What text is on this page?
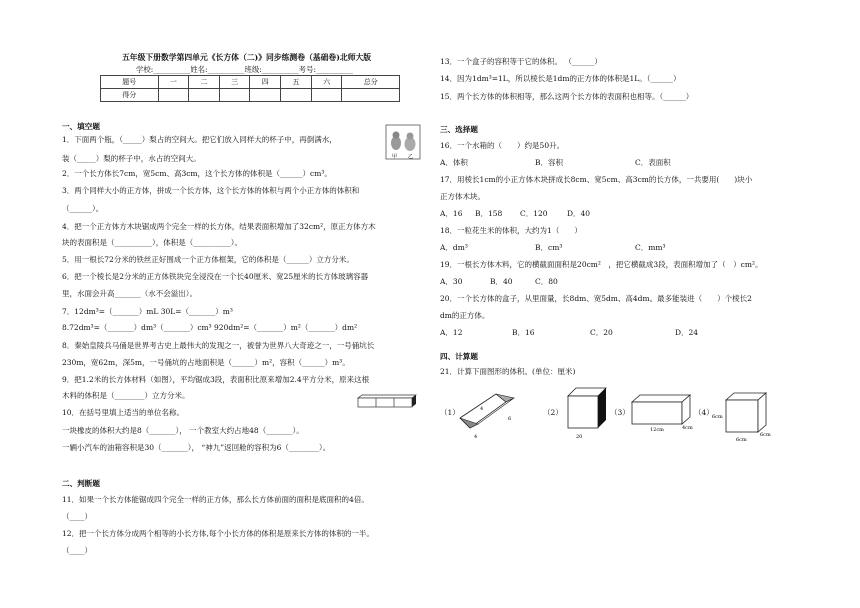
五年级下册数学第四单元《长方体（二)》同步练测卷（基础卷)北师大版
学校:__________姓名:__________班级:__________考号:__________
题号	一	二	三	四	五	六	总分
得分							
一、填空题
1．下面两个瓶，（_____）梨占的空间大。把它们放入同样大的杯子中，再倒满水，
装（_____）梨的杯子中，水占的空间大。	甲 乙
2．一个长方体长7cm，宽5cm、高3cm，这个长方体的体积是（______）cm³。
3．两个同样大小的正方体，拼成一个长方体，这个长方体的体积与两个小正方体的体积和
（______）。
4．把一个正方体方木块锯成两个完全一样的长方体，结果表面积增加了32cm²，原正方体方木
块的表面积是（__________），体积是（__________）。
5．用一根长72分米的铁丝正好围成一个正方体框架，它的体积是（______）立方分米。
6．把一个棱长是2分米的正方体铁块完全浸没在一个长40厘米、宽25厘米的长方体玻璃容器
里，水面会升高_______（水不会溢出）。
7．12dm³=（_______）mL 30L=（_______）m³
8.72dm³=（_______）dm³（_______）cm³ 920dm²=（_______）m²（_______）dm²
8．秦始皇陵兵马俑是世界考古史上最伟大的发现之一，被誉为世界八大奇迹之一，一号俑坑长
230m，宽62m，深5m，一号俑坑的占地面积是（______）m²，容积（______）m³。
9．把1.2米的长方体材料（如图），平均锯成3段，表面积比原来增加2.4平方分米，原来这根
木料的体积是（________）立方分米。
10．在括号里填上适当的单位名称。
一块橡皮的体积大约是8（_______）， 一个教室大约占地48（_______）。
一辆小汽车的油箱容积是30（_______）， “神九”返回舱的容积为6（________）。
二、判断题
11．如果一个长方体能锯成四个完全一样的正方体，那么长方体前面的面积是底面积的4倍。
（____）
12．把一个长方体分成两个相等的小长方体,每个小长方体的体积是原来长方体的体积的一半。
（____）
13．一个盒子的容积等于它的体积。 （______）
14．因为1dm³=1L，所以棱长是1dm的正方体的体积是1L。（______）
15．两个长方体的体积相等，那么这两个长方体的表面积也相等。（______）
三、选择题
16．一个水箱的（　　）约是50升。
A．体积	B．容积	C．表面积
17．用棱长1cm的小正方体木块拼成长8cm、宽5cm、高3cm的长方体，一共要用(　　)块小
正方体木块。
A．16 B．158 C．120	D．40
18．一粒花生米的体积，大约为1（　　）
A．dm³	B．cm³	C．mm³
19．一根长方体木料，它的横截面面积是20cm²　，把它横截成3段，表面积增加了（　）cm²。
A．30	B．40	C．80
20．一个长方体的盒子，从里面量，长8dm、宽5dm、高4dm。最多能装进（　　）个棱长2
dm的正方体。
A．12	B．16	C．20	D．24
四、计算题
21．计算下面图形的体积。(单位：厘米)
（1）	4
6
4
（2）
20
（3）
12cm	4cm
（4）
6cm
6cm
6cm
